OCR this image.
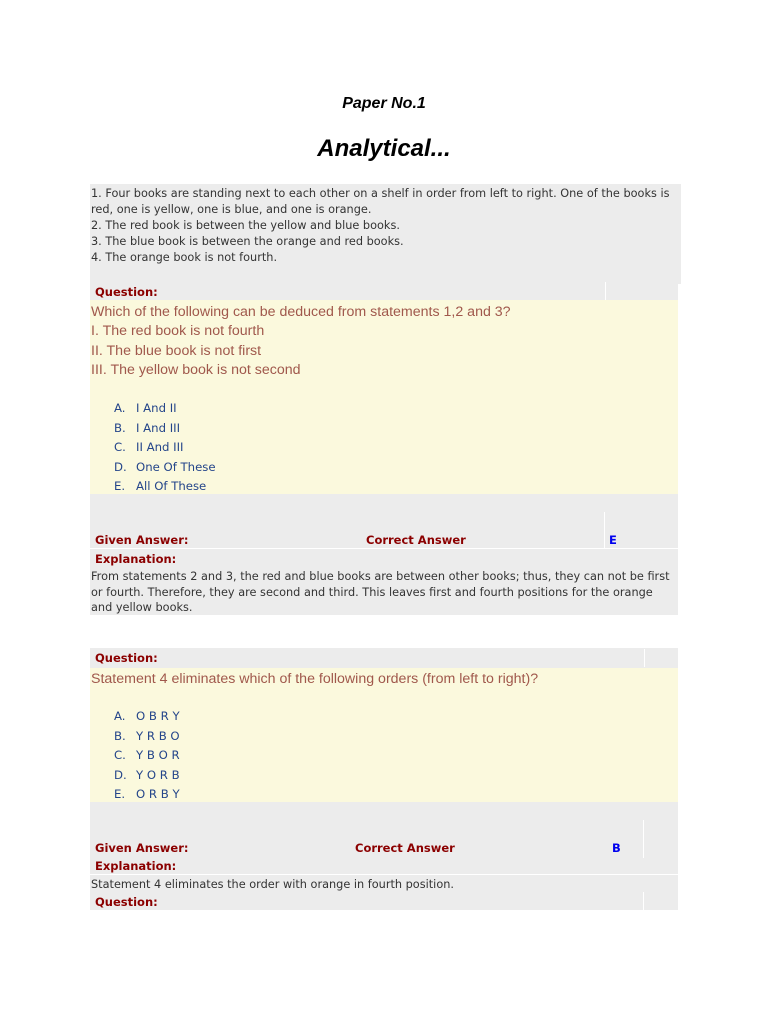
Paper No.1
Analytical...
1. Four books are standing next to each other on a shelf in order from left to right. One of the books is
red, one is yellow, one is blue, and one is orange.
2. The red book is between the yellow and blue books.
3. The blue book is between the orange and red books.
4. The orange book is not fourth.
Question:
Which of the following can be deduced from statements 1,2 and 3?
I. The red book is not fourth
II. The blue book is not first
III. The yellow book is not second
A. I And II
B. I And III
C. II And III
D. One Of These
E. All Of These
Given Answer:	Correct Answer	E
Explanation:
From statements 2 and 3, the red and blue books are between other books; thus, they can not be first
or fourth. Therefore, they are second and third. This leaves first and fourth positions for the orange
and yellow books.
Question:
Statement 4 eliminates which of the following orders (from left to right)?
A. O B R Y
B. Y R B O
C. Y B O R
D. Y O R B
E. O R B Y
Given Answer:	Correct Answer	B
Explanation:
Statement 4 eliminates the order with orange in fourth position.
Question:
